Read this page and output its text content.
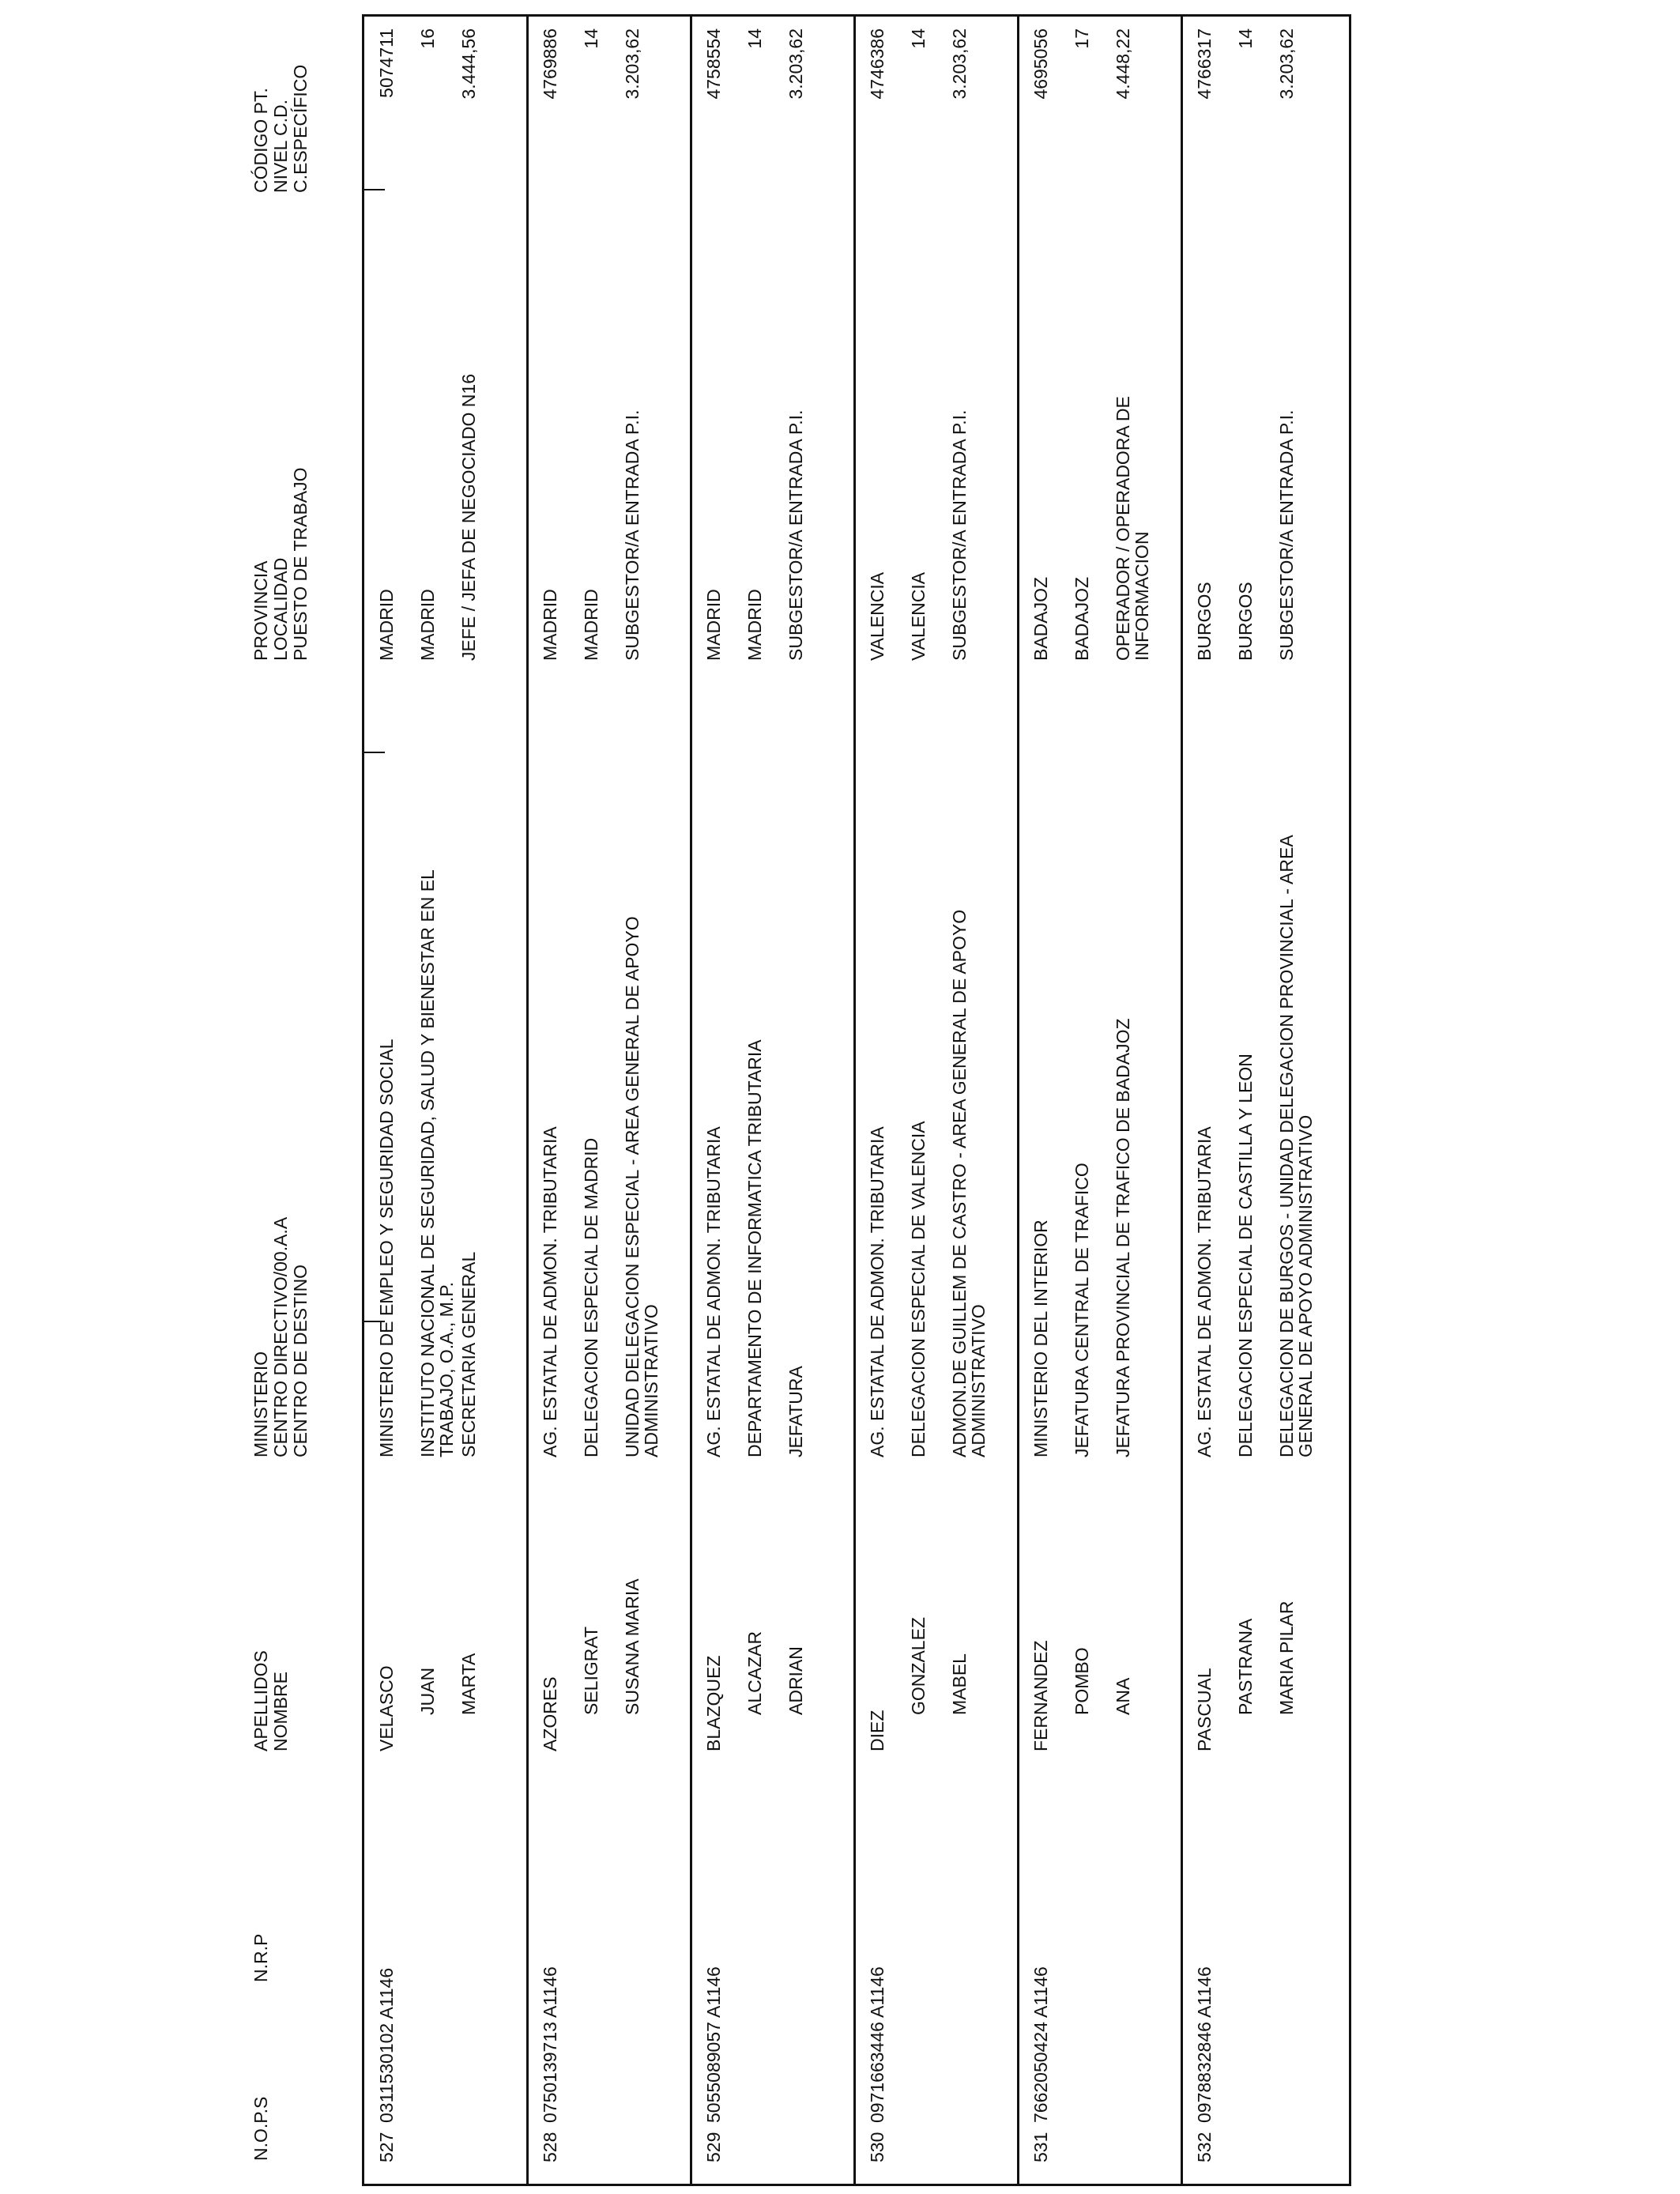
N.O.P.S
N.R.P
APELLIDOS NOMBRE
MINISTERIO CENTRO DIRECTIVO/00.A.A CENTRO DE DESTINO
PROVINCIA LOCALIDAD PUESTO DE TRABAJO
CÓDIGO PT. NIVEL C.D. C.ESPECÍFICO
527
0311530102 A1146
VELASCO JUAN MARTA
MINISTERIO DE EMPLEO Y SEGURIDAD SOCIAL INSTITUTO NACIONAL DE SEGURIDAD, SALUD Y BIENESTAR EN EL
TRABAJO, O.A., M.P. SECRETARIA GENERAL
MADRID MADRID JEFE / JEFA DE NEGOCIADO N16
5074711 16 3.444,56
528
0750139713 A1146
AZORES SELIGRAT SUSANA MARIA
AG. ESTATAL DE ADMON. TRIBUTARIA DELEGACION ESPECIAL DE MADRID UNIDAD DELEGACION ESPECIAL - AREA GENERAL DE APOYO
ADMINISTRATIVO
MADRID MADRID SUBGESTOR/A ENTRADA P.I.
4769886 14 3.203,62
529
5055089057 A1146
BLAZQUEZ ALCAZAR ADRIAN
AG. ESTATAL DE ADMON. TRIBUTARIA DEPARTAMENTO DE INFORMATICA TRIBUTARIA JEFATURA
MADRID MADRID SUBGESTOR/A ENTRADA P.I.
4758554 14 3.203,62
530
0971663446 A1146
DIEZ
GONZALEZ MABEL
AG. ESTATAL DE ADMON. TRIBUTARIA DELEGACION ESPECIAL DE VALENCIA ADMON.DE GUILLEM DE CASTRO - AREA GENERAL DE APOYO
ADMINISTRATIVO
VALENCIA VALENCIA SUBGESTOR/A ENTRADA P.I.
4746386 14 3.203,62
531
7662050424 A1146
FERNANDEZ POMBO ANA
MINISTERIO DEL INTERIOR JEFATURA CENTRAL DE TRAFICO JEFATURA PROVINCIAL DE TRAFICO DE BADAJOZ
BADAJOZ BADAJOZ OPERADOR / OPERADORA DE
INFORMACION
4695056 17 4.448,22
532
0978832846 A1146
PASCUAL PASTRANA MARIA PILAR
AG. ESTATAL DE ADMON. TRIBUTARIA DELEGACION ESPECIAL DE CASTILLA Y LEON DELEGACION DE BURGOS - UNIDAD DELEGACION PROVINCIAL - AREA
GENERAL DE APOYO ADMINISTRATIVO
BURGOS BURGOS SUBGESTOR/A ENTRADA P.I.
4766317 14 3.203,62
